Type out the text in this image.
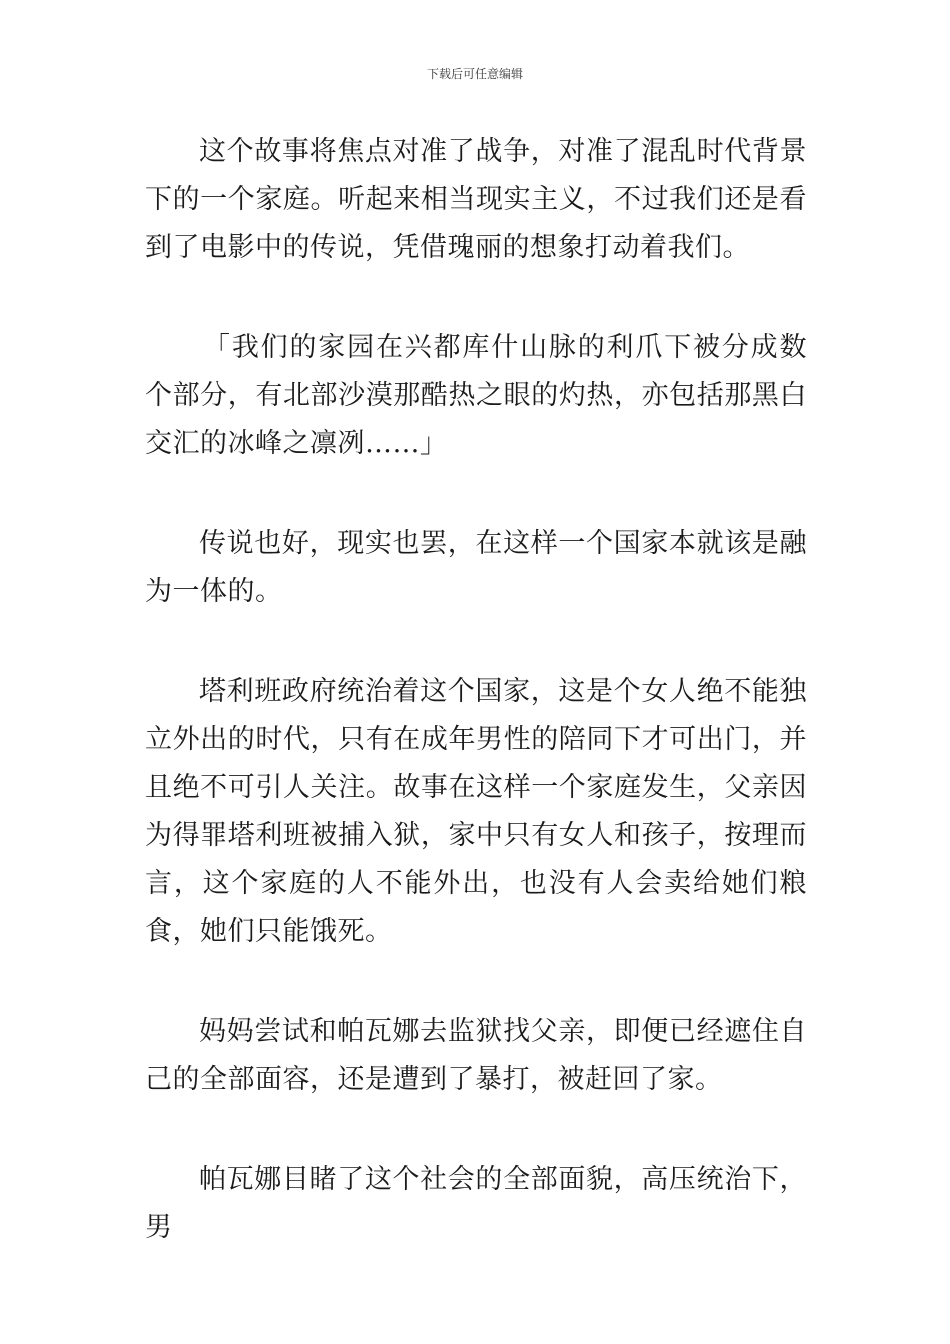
下载后可任意编辑

这个故事将焦点对准了战争，对准了混乱时代背景下的一个家庭。听起来相当现实主义，不过我们还是看到了电影中的传说，凭借瑰丽的想象打动着我们。

「我们的家园在兴都库什山脉的利爪下被分成数个部分，有北部沙漠那酷热之眼的灼热，亦包括那黑白交汇的冰峰之凛冽……」

传说也好，现实也罢，在这样一个国家本就该是融为一体的。

塔利班政府统治着这个国家，这是个女人绝不能独立外出的时代，只有在成年男性的陪同下才可出门，并且绝不可引人关注。故事在这样一个家庭发生，父亲因为得罪塔利班被捕入狱，家中只有女人和孩子，按理而言，这个家庭的人不能外出，也没有人会卖给她们粮食，她们只能饿死。

妈妈尝试和帕瓦娜去监狱找父亲，即便已经遮住自己的全部面容，还是遭到了暴打，被赶回了家。

帕瓦娜目睹了这个社会的全部面貌，高压统治下，男
